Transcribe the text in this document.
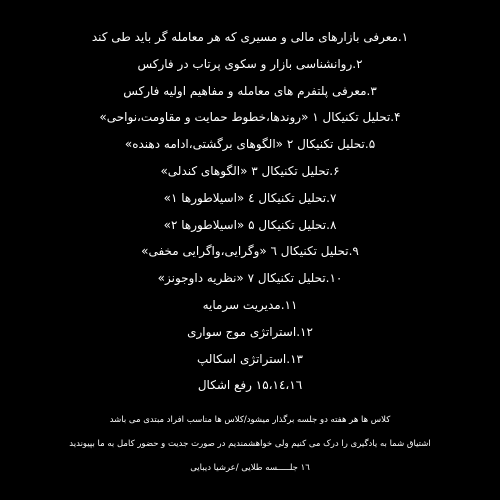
۱.معرفی بازارهای مالی و مسیری که هر معامله گر باید طی کند
۲.روانشناسی بازار و سکوی پرتاب در فارکس
۳.معرفی پلتفرم های معامله و مفاهیم اولیه فارکس
۴.تحلیل تکنیکال ۱ «روندها،خطوط حمایت و مقاومت،نواحی»
۵.تحلیل تکنیکال ۲ «الگوهای برگشتی،ادامه دهنده»
۶.تحلیل تکنیکال ۳ «الگوهای کندلی»
۷.تحلیل تکنیکال ٤ «اسیلاطورها ۱»
۸.تحلیل تکنیکال ۵ «اسیلاطورها ۲»
۹.تحلیل تکنیکال ٦ «وگرایی،واگرایی مخفی»
۱۰.تحلیل تکنیکال ۷ «نظریه داوجونز»
۱۱.مدیریت سرمایه
۱۲.استراتژی موج سواری
۱۳.استراتژی اسکالپ
۱٦،۱۵،۱٤ رفع اشکال
کلاس ها هر هفته دو جلسه برگذار میشود/کلاس ها مناسب افراد مبتدی می باشد
اشتیاق شما به یادگیری را درک می کنیم ولی خواهشمندیم در صورت جدیت و حضور کامل به ما بپیوندید
۱٦ جلـــــسه طلایی /عرشیا دیبایی
